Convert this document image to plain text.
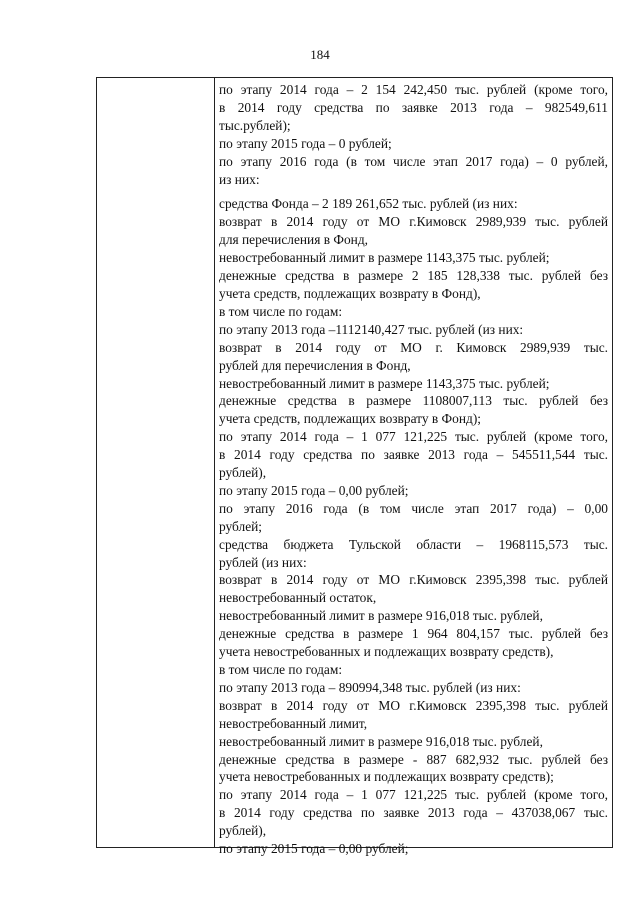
184
по этапу 2014 года – 2 154 242,450 тыс. рублей (кроме того,
в 2014 году средства по заявке 2013 года – 982549,611
тыс.рублей);
по этапу 2015 года – 0 рублей;
по этапу 2016 года (в том числе этап 2017 года) – 0 рублей,
из них:
средства Фонда – 2 189 261,652 тыс. рублей (из них:
возврат в 2014 году от МО г.Кимовск 2989,939 тыс. рублей
для перечисления в Фонд,
невостребованный лимит в размере 1143,375 тыс. рублей;
денежные средства в размере 2 185 128,338 тыс. рублей без
учета средств, подлежащих возврату в Фонд),
в том числе по годам:
по этапу 2013 года –1112140,427 тыс. рублей (из них:
возврат в 2014 году от МО г. Кимовск 2989,939 тыс.
рублей для перечисления в Фонд,
невостребованный лимит в размере 1143,375 тыс. рублей;
денежные средства в размере 1108007,113 тыс. рублей без
учета средств, подлежащих возврату в Фонд);
по этапу 2014 года – 1 077 121,225 тыс. рублей (кроме того,
в 2014 году средства по заявке 2013 года – 545511,544 тыс.
рублей),
по этапу 2015 года – 0,00 рублей;
по этапу 2016 года (в том числе этап 2017 года) – 0,00
рублей;
средства бюджета Тульской области – 1968115,573 тыс.
рублей (из них:
возврат в 2014 году от МО г.Кимовск 2395,398 тыс. рублей
невостребованный остаток,
невостребованный лимит в размере 916,018 тыс. рублей,
денежные средства в размере 1 964 804,157 тыс. рублей без
учета невостребованных и подлежащих возврату средств),
в том числе по годам:
по этапу 2013 года – 890994,348 тыс. рублей (из них:
возврат в 2014 году от МО г.Кимовск 2395,398 тыс. рублей
невостребованный лимит,
невостребованный лимит в размере 916,018 тыс. рублей,
денежные средства в размере - 887 682,932 тыс. рублей без
учета невостребованных и подлежащих возврату средств);
по этапу 2014 года – 1 077 121,225 тыс. рублей (кроме того,
в 2014 году средства по заявке 2013 года – 437038,067 тыс.
рублей),
по этапу 2015 года – 0,00 рублей;
